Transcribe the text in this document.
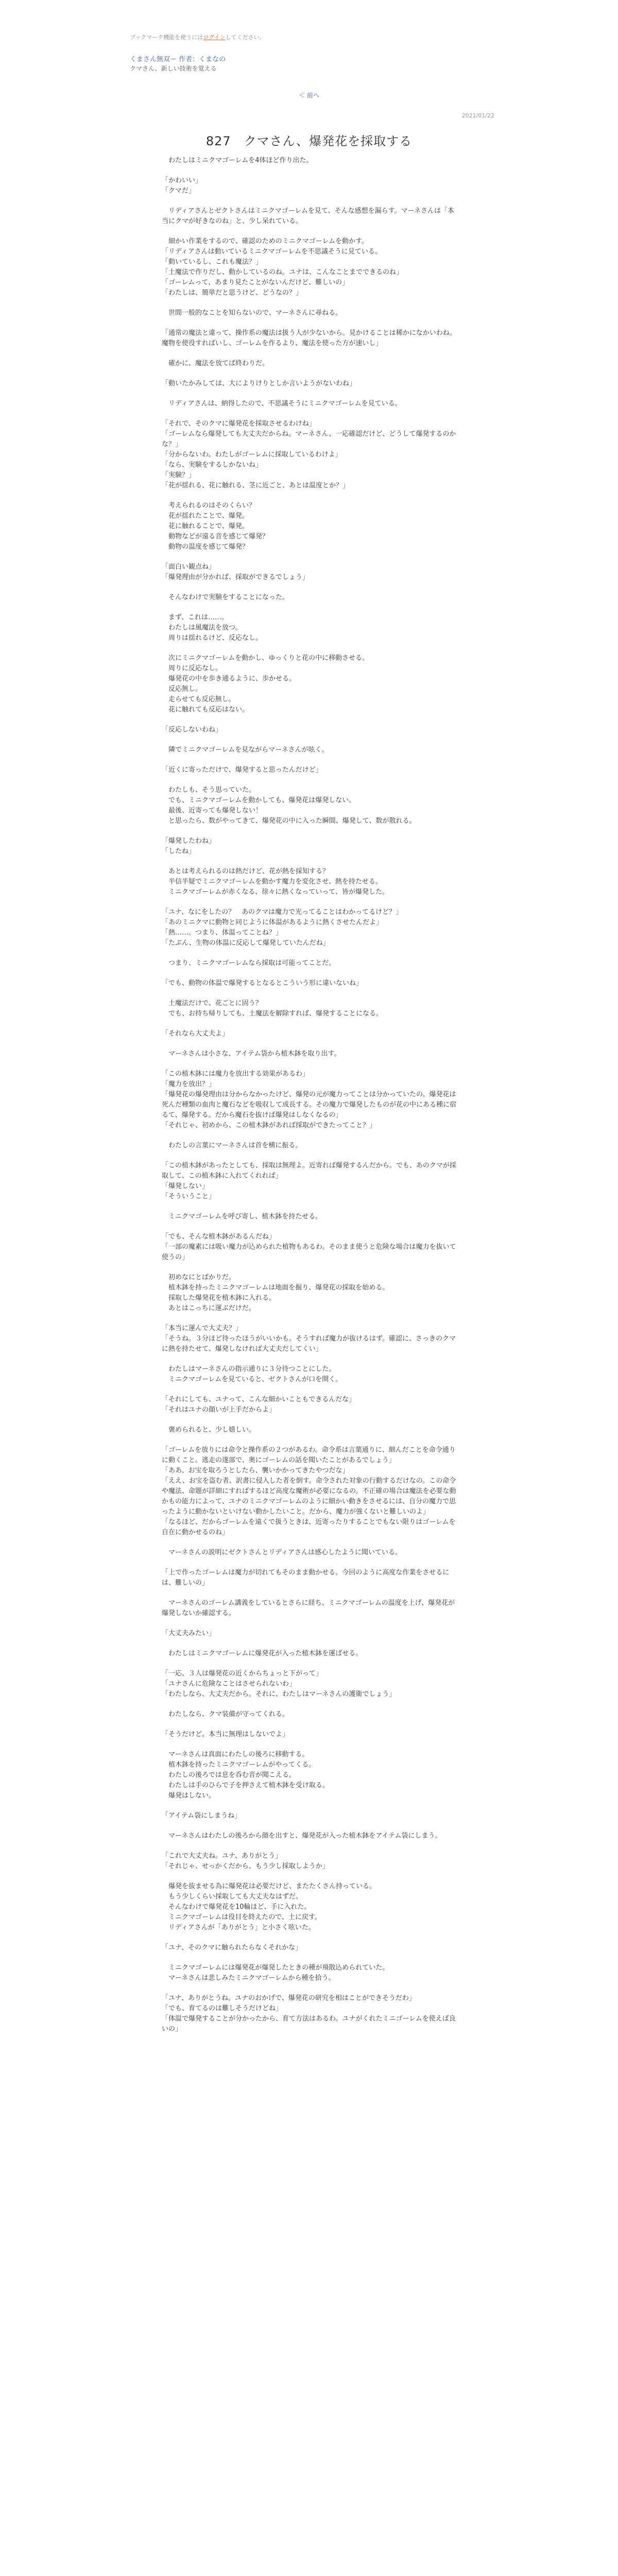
ブックマーク機能を使うにはログインしてください。
くまさん無双ー 作者：くまなの
クマさん、新しい技術を覚える
＜ 前へ
2021/01/22
827　クマさん、爆発花を採取する

　わたしはミニクマゴーレムを4体ほど作り出た。

「かわいい」
「クマだ」

　リディアさんとゼクトさんはミニクマゴーレムを見て、そんな感想を漏らす。マーネさんは「本当にクマが好きなのね」と、少し呆れている。

　細かい作業をするので、確認のためのミニクマゴーレムを動かす。
「リディアさんは動いているミニクマゴーレムを不思議そうに見ている。
「動いているし、これも魔法？」
「土魔法で作りだし、動かしているのね。ユナは、こんなことまでできるのね」
「ゴーレムって、あまり見たことがないんだけど、難しいの」
「わたしは、簡単だと思うけど、どうなの？」

　世間一般的なことを知らないので、マーネさんに尋ねる。

「通常の魔法と違って、操作系の魔法は扱う人が少ないから。見かけることは稀かになかいわね。魔物を使役すればいし、ゴーレムを作るより、魔法を使った方が速いし」

　確かに、魔法を放てば終わりだ。

「動いたかみしては、大によりけりとしか言いようがないわね」

　リディアさんは、納得したので、不思議そうにミニクマゴーレムを見ている。

「それで、そのクマに爆発花を採取させるわけね」
「ゴーレムなら爆発しても大丈夫だからね。マーネさん、一応確認だけど、どうして爆発するのかな？」
「分からないわ。わたしがゴーレムに採取しているわけよ」
「なら、実験をするしかないね」
「実験？」
「花が揺れる、花に触れる、茎に近ごと、あとは温度とか？」

　考えられるのはそのくらい？
　花が揺れたことで、爆発。
　花に触れることで、爆発。
　動物などが遠る音を感じて爆発？
　動物の温度を感じて爆発？

「面白い観点ね」
「爆発理由が分かれば、採取ができるでしょう」

　そんなわけで実験をすることになった。

　まず、これは……。
　わたしは風魔法を放つ。
　周りは揺れるけど、反応なし。

　次にミニクマゴーレムを動かし、ゆっくりと花の中に移動させる。
　周りに反応なし。
　爆発花の中を歩き通るように、歩かせる。
　反応無し。
　走らせても反応無し。
　花に触れても反応はない。

「反応しないわね」

　隣でミニクマゴーレムを見ながらマーネさんが呟く。

「近くに寄っただけで、爆発すると思ったんだけど」

　わたしも、そう思っていた。
　でも、ミニクマゴーレムを動かしても、爆発花は爆発しない。
　最後、近寄っても爆発しない！
　と思ったら、数がやってきて、爆発花の中に入った瞬間、爆発して、数が散れる。

「爆発したわね」
「したね」

　あとは考えられるのは熱だけど、花が熱を採知する？
　半信半疑でミニクマゴーレムを動かす魔力を変化させ、熱を持たせる。
　ミニクマゴーレムが赤くなる、徐々に熱くなっていって、皆が爆発した。

「ユナ、なにをしたの？　あのクマは魔力で光ってることはわかってるけど？」
「あのミニクマに動物と同じように体温があるように熱くさせたんだよ」
「熱……。つまり、体温ってことね？」
「たぶん、生物の体温に反応して爆発していたんだね」

　つまり、ミニクマゴーレムなら採取は可能ってことだ。

「でも、動物の体温で爆発するとなるとこういう形に違いないね」

　土魔法だけで、花ごとに固う？
　でも、お持ち帰りしても、土魔法を解除すれば、爆発することになる。

「それなら大丈夫よ」

　マーネさんは小さな、アイテム袋から植木鉢を取り出す。

「この植木鉢には魔力を放出する効果があるわ」
「魔力を放出？」
「爆発花の爆発理由は分からなかったけど、爆発の元が魔力ってことは分かっていたの。爆発花は死んだ種類の血肉と魔石などを吸収して成長する。その魔力で爆発したものが花の中にある種に宿るて、爆発する。だから魔石を抜けば爆発はしなくなるの」
「それじゃ、初めから、この植木鉢があれば採取ができたってこと？」

　わたしの言葉にマーネさんは首を横に振る。

「この植木鉢があったとしても、採取は無理よ。近寄れば爆発するんだから。でも、あのクマが採取して、この植木鉢に入れてくれれば」
「爆発しない」
「そういうこと」

　ミニクマゴーレムを呼び寄し、植木鉢を持たせる。

「でも、そんな植木鉢があるんだね」
「一部の魔素には吸い魔力が込められた植物もあるわ。そのまま使うと危険な場合は魔力を抜いて使うの」

　初めなにとばかりだ。
　植木鉢を持ったミニクマゴーレムは地面を掘り、爆発花の採取を始める。
　採取した爆発花を植木鉢に入れる。
　あとはこっちに運ぶだけだ。

「本当に運んで大丈夫？」
「そうね。３分ほど待ったほうがいいかも。そうすれば魔力が抜けるはず。確認に、さっきのクマに熱を持たせて、爆発しなければ大丈夫だしてくい」

　わたしはマーネさんの指示通りに３分待つことにした。
　ミニクマゴーレムを見ていると、ゼクトさんが口を開く。

「それにしても、ユナって、こんな細かいこともできるんだな」
「それはユナの顔いが上手だからよ」

　褒められると、少し嬉しい。

「ゴーレムを放りには命令と操作系の２つがあるわ。命令系は言葉通りに、細んだことを命令通りに動くこと。逃走の遂部で、奥にゴーレムの話を聞いたことがあるでしょう」
「ああ、お宝を取ろうとしたら、襲いかかってきたやつだな」
「ええ、お宝を盗む者、訳書に侵入した者を倒す。命令された対象の行動するだけなの。この命令や魔法、命題が詳細にすればするほど高度な魔術が必要になるの。不正確の場合は魔法を必要な動かもの能力によって、ユナのミニクマゴーレムのように細かい動きをさせるには、自分の魔力で思ったように動かないといけない動かしたいこと。だから、魔力が強くないと難しいのよ」
「なるほど、だからゴーレムを遠くで扱うときは、近寄ったりすることでもない限りはゴーレムを自在に動かせるのね」

　マーネさんの説明にゼクトさんとリディアさんは感心したように聞いている。

「上で作ったゴーレムは魔力が切れてもそのまま動かせる。今回のように高度な作業をさせるには、難しいの」

　マーネさんのゴーレム講義をしているとさらに経ち、ミニクマゴーレムの温度を上げ、爆発花が爆発しないか確認する。

「大丈夫みたい」

　わたしはミニクマゴーレムに爆発花が入った植木鉢を運ばせる。

「一応、３人は爆発花の近くからちょっと下がって」
「ユナさんに危険なことはさせられないわ」
「わたしなら、大丈夫だから。それに、わたしはマーネさんの護衛でしょう」

　わたしなら、クマ装備が守ってくれる。

「そうだけど。本当に無理はしないでよ」

　マーネさんは真面にわたしの後ろに移動する。
　植木鉢を持ったミニクマゴーレムがやってくる。
　わたしの後ろでは息を呑む音が聞こえる。
　わたしは手のひらで子を押さえて植木鉢を受け取る。
　爆発はしない。

「アイテム袋にしまうね」

　マーネさんはわたしの後ろから顔を出すと、爆発花が入った植木鉢をアイテム袋にしまう。

「これで大丈夫ね。ユナ、ありがとう」
「それじゃ、せっかくだから、もう少し採取しようか」

　爆発を抜ませる為に爆発花は必要だけど、またたくさん持っている。
　もう少しくらい採取しても大丈夫なはずだ。
　そんなわけで爆発花を10輪ほど、手に入れた。
　ミニクマゴーレムは役目を終えたので、土に戻す。
　リディアさんが「ありがとう」と小さく呟いた。

「ユナ、そのクマに触られたらなくそれかな」

　ミニクマゴーレムには爆発花が爆発したときの種が飛散込められていた。
　マーネさんは悲しみたミニクマゴーレムから種を拾う。

「ユナ、ありがとうね。ユナのおかげで、爆発花の研究を相はことができそうだわ」
「でも、育てるのは難しそうだけどね」
「体温で爆発することが分かったから、育て方法はあるわ。ユナがくれたミニゴーレムを使えば良いの」
